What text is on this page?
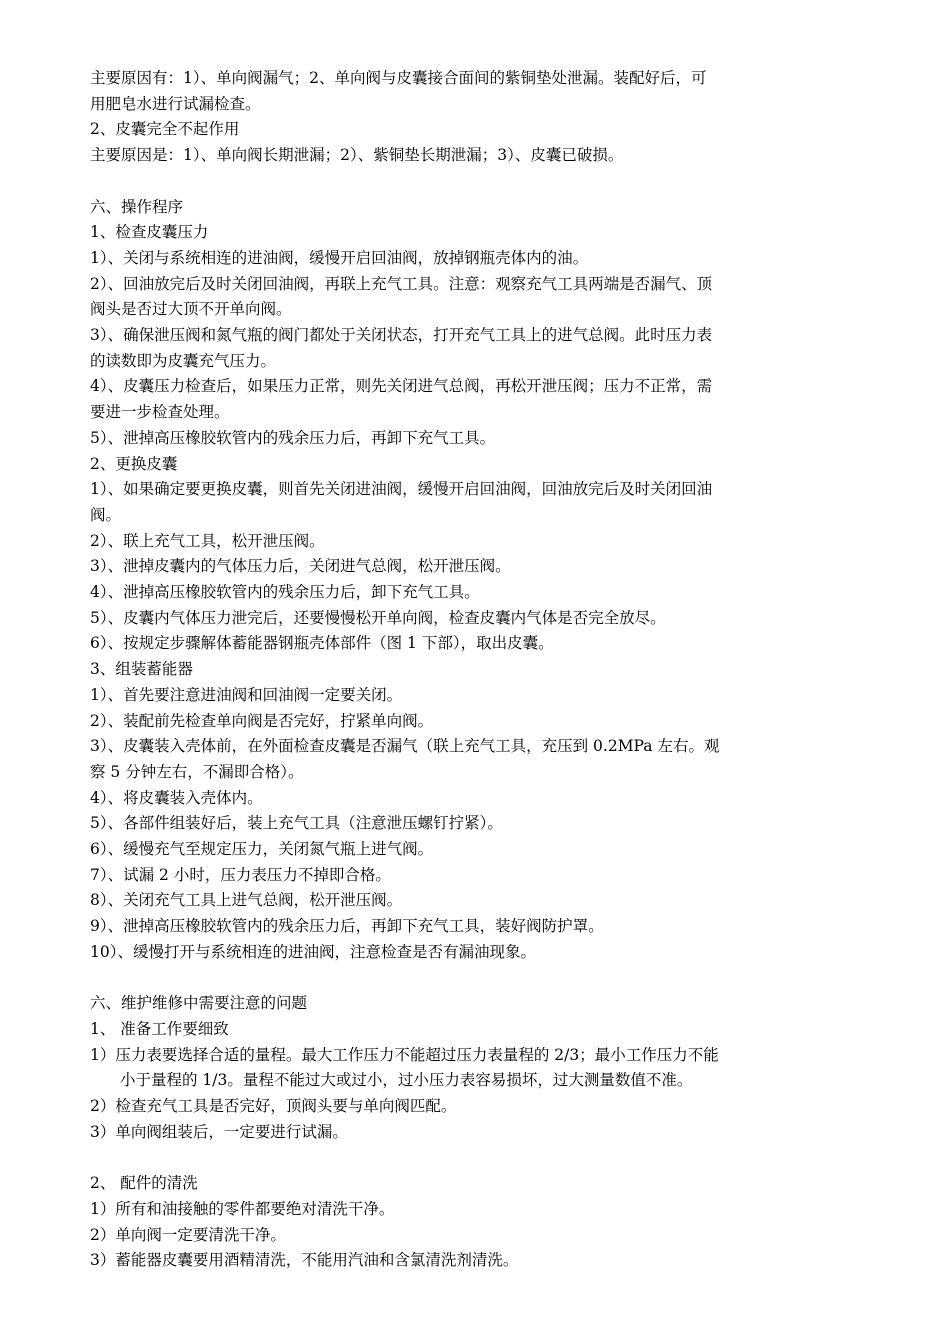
主要原因有：1）、单向阀漏气；2、单向阀与皮囊接合面间的紫铜垫处泄漏。装配好后，可
用肥皂水进行试漏检查。
2、皮囊完全不起作用
主要原因是：1）、单向阀长期泄漏；2）、紫铜垫长期泄漏；3）、皮囊已破损。
六、操作程序
1、检查皮囊压力
1）、关闭与系统相连的进油阀，缓慢开启回油阀，放掉钢瓶壳体内的油。
2）、回油放完后及时关闭回油阀，再联上充气工具。注意：观察充气工具两端是否漏气、顶
阀头是否过大顶不开单向阀。
3）、确保泄压阀和氮气瓶的阀门都处于关闭状态，打开充气工具上的进气总阀。此时压力表
的读数即为皮囊充气压力。
4）、皮囊压力检查后，如果压力正常，则先关闭进气总阀，再松开泄压阀；压力不正常，需
要进一步检查处理。
5）、泄掉高压橡胶软管内的残余压力后，再卸下充气工具。
2、更换皮囊
1）、如果确定要更换皮囊，则首先关闭进油阀，缓慢开启回油阀，回油放完后及时关闭回油
阀。
2）、联上充气工具，松开泄压阀。
3）、泄掉皮囊内的气体压力后，关闭进气总阀，松开泄压阀。
4）、泄掉高压橡胶软管内的残余压力后，卸下充气工具。
5）、皮囊内气体压力泄完后，还要慢慢松开单向阀，检查皮囊内气体是否完全放尽。
6）、按规定步骤解体蓄能器钢瓶壳体部件（图 1 下部），取出皮囊。
3、组装蓄能器
1）、首先要注意进油阀和回油阀一定要关闭。
2）、装配前先检查单向阀是否完好，拧紧单向阀。
3）、皮囊装入壳体前，在外面检查皮囊是否漏气（联上充气工具，充压到 0.2MPa 左右。观
察 5 分钟左右，不漏即合格）。
4）、将皮囊装入壳体内。
5）、各部件组装好后，装上充气工具（注意泄压螺钉拧紧）。
6）、缓慢充气至规定压力，关闭氮气瓶上进气阀。
7）、试漏 2 小时，压力表压力不掉即合格。
8）、关闭充气工具上进气总阀，松开泄压阀。
9）、泄掉高压橡胶软管内的残余压力后，再卸下充气工具，装好阀防护罩。
10）、缓慢打开与系统相连的进油阀，注意检查是否有漏油现象。
六、维护维修中需要注意的问题
1、 准备工作要细致
1）压力表要选择合适的量程。最大工作压力不能超过压力表量程的 2/3；最小工作压力不能
小于量程的 1/3。量程不能过大或过小，过小压力表容易损坏，过大测量数值不准。
2）检查充气工具是否完好，顶阀头要与单向阀匹配。
3）单向阀组装后，一定要进行试漏。
2、 配件的清洗
1）所有和油接触的零件都要绝对清洗干净。
2）单向阀一定要清洗干净。
3）蓄能器皮囊要用酒精清洗，不能用汽油和含氯清洗剂清洗。
